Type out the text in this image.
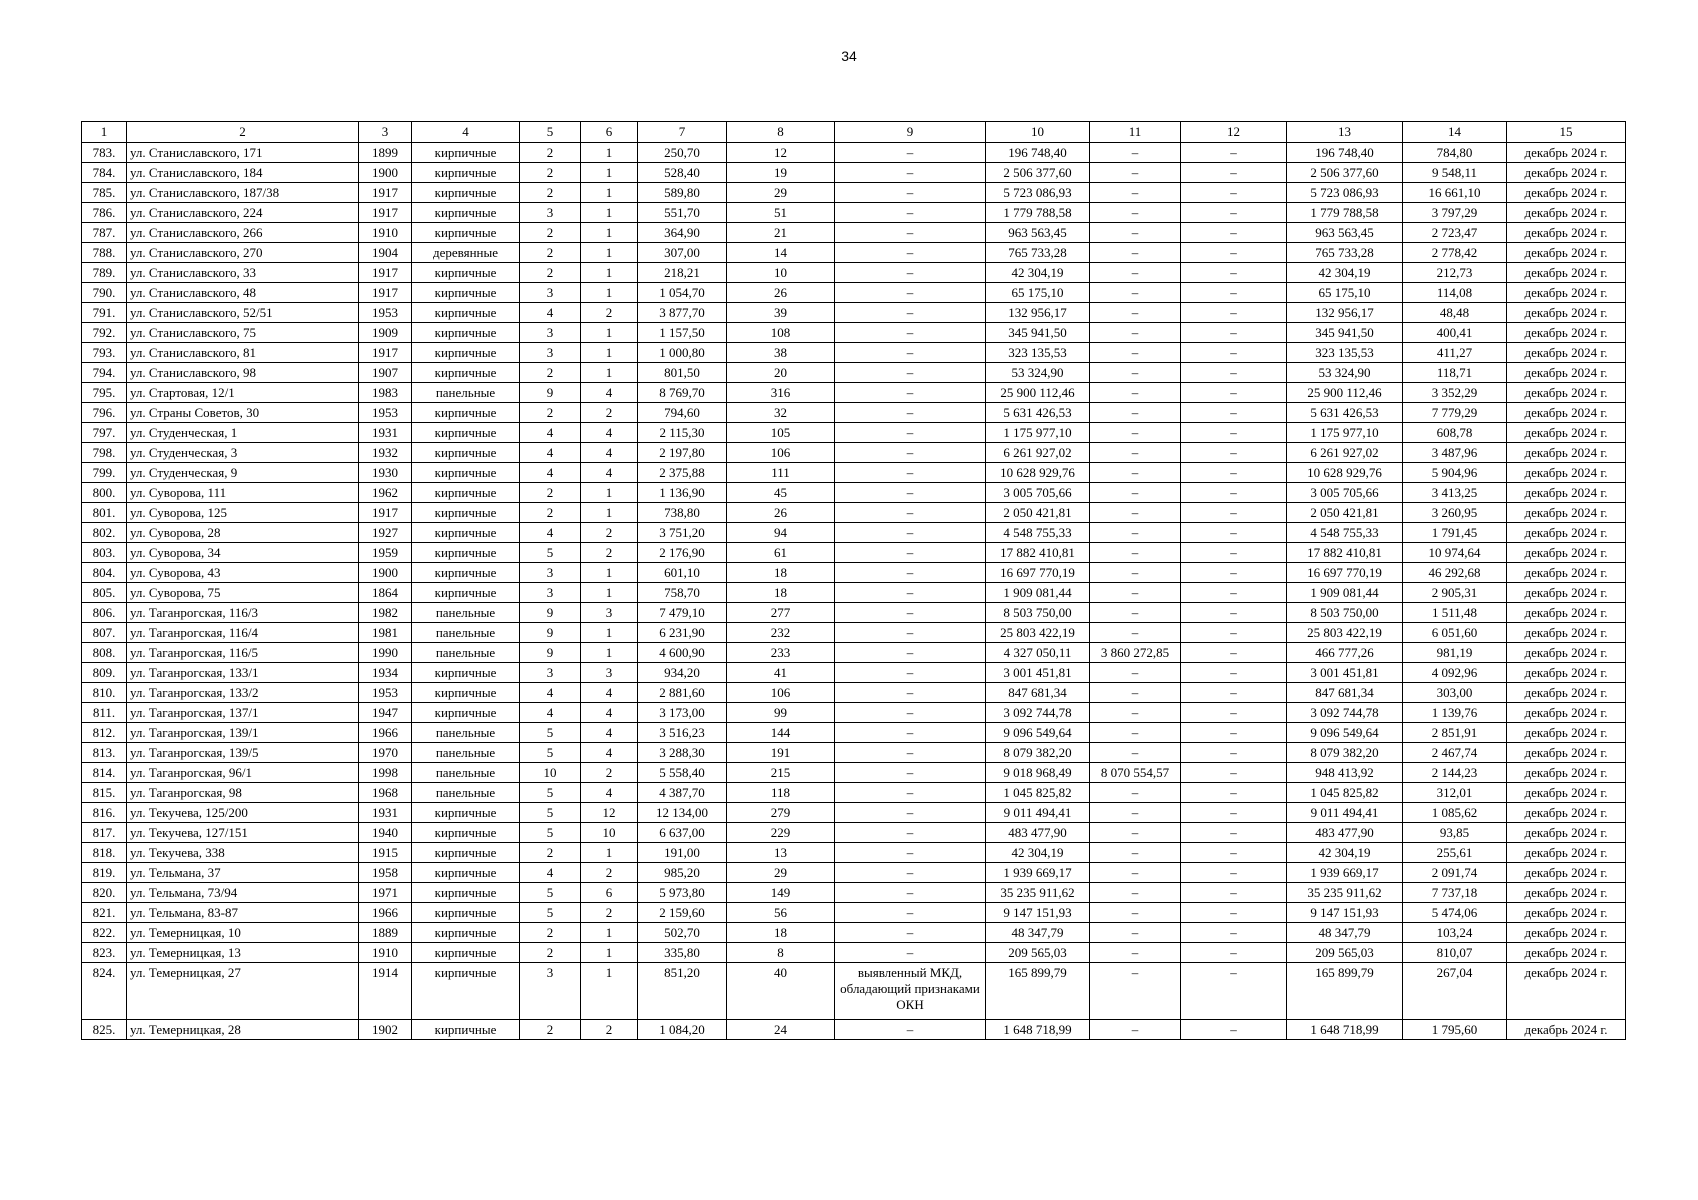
34
1	2	3	4	5	6	7	8	9	10	11	12	13	14	15
783.	ул. Станиславского, 171	1899	кирпичные	2	1	250,70	12	–	196 748,40	–	–	196 748,40	784,80	декабрь 2024 г.
784.	ул. Станиславского, 184	1900	кирпичные	2	1	528,40	19	–	2 506 377,60	–	–	2 506 377,60	9 548,11	декабрь 2024 г.
785.	ул. Станиславского, 187/38	1917	кирпичные	2	1	589,80	29	–	5 723 086,93	–	–	5 723 086,93	16 661,10	декабрь 2024 г.
786.	ул. Станиславского, 224	1917	кирпичные	3	1	551,70	51	–	1 779 788,58	–	–	1 779 788,58	3 797,29	декабрь 2024 г.
787.	ул. Станиславского, 266	1910	кирпичные	2	1	364,90	21	–	963 563,45	–	–	963 563,45	2 723,47	декабрь 2024 г.
788.	ул. Станиславского, 270	1904	деревянные	2	1	307,00	14	–	765 733,28	–	–	765 733,28	2 778,42	декабрь 2024 г.
789.	ул. Станиславского, 33	1917	кирпичные	2	1	218,21	10	–	42 304,19	–	–	42 304,19	212,73	декабрь 2024 г.
790.	ул. Станиславского, 48	1917	кирпичные	3	1	1 054,70	26	–	65 175,10	–	–	65 175,10	114,08	декабрь 2024 г.
791.	ул. Станиславского, 52/51	1953	кирпичные	4	2	3 877,70	39	–	132 956,17	–	–	132 956,17	48,48	декабрь 2024 г.
792.	ул. Станиславского, 75	1909	кирпичные	3	1	1 157,50	108	–	345 941,50	–	–	345 941,50	400,41	декабрь 2024 г.
793.	ул. Станиславского, 81	1917	кирпичные	3	1	1 000,80	38	–	323 135,53	–	–	323 135,53	411,27	декабрь 2024 г.
794.	ул. Станиславского, 98	1907	кирпичные	2	1	801,50	20	–	53 324,90	–	–	53 324,90	118,71	декабрь 2024 г.
795.	ул. Стартовая, 12/1	1983	панельные	9	4	8 769,70	316	–	25 900 112,46	–	–	25 900 112,46	3 352,29	декабрь 2024 г.
796.	ул. Страны Советов, 30	1953	кирпичные	2	2	794,60	32	–	5 631 426,53	–	–	5 631 426,53	7 779,29	декабрь 2024 г.
797.	ул. Студенческая, 1	1931	кирпичные	4	4	2 115,30	105	–	1 175 977,10	–	–	1 175 977,10	608,78	декабрь 2024 г.
798.	ул. Студенческая, 3	1932	кирпичные	4	4	2 197,80	106	–	6 261 927,02	–	–	6 261 927,02	3 487,96	декабрь 2024 г.
799.	ул. Студенческая, 9	1930	кирпичные	4	4	2 375,88	111	–	10 628 929,76	–	–	10 628 929,76	5 904,96	декабрь 2024 г.
800.	ул. Суворова, 111	1962	кирпичные	2	1	1 136,90	45	–	3 005 705,66	–	–	3 005 705,66	3 413,25	декабрь 2024 г.
801.	ул. Суворова, 125	1917	кирпичные	2	1	738,80	26	–	2 050 421,81	–	–	2 050 421,81	3 260,95	декабрь 2024 г.
802.	ул. Суворова, 28	1927	кирпичные	4	2	3 751,20	94	–	4 548 755,33	–	–	4 548 755,33	1 791,45	декабрь 2024 г.
803.	ул. Суворова, 34	1959	кирпичные	5	2	2 176,90	61	–	17 882 410,81	–	–	17 882 410,81	10 974,64	декабрь 2024 г.
804.	ул. Суворова, 43	1900	кирпичные	3	1	601,10	18	–	16 697 770,19	–	–	16 697 770,19	46 292,68	декабрь 2024 г.
805.	ул. Суворова, 75	1864	кирпичные	3	1	758,70	18	–	1 909 081,44	–	–	1 909 081,44	2 905,31	декабрь 2024 г.
806.	ул. Таганрогская, 116/3	1982	панельные	9	3	7 479,10	277	–	8 503 750,00	–	–	8 503 750,00	1 511,48	декабрь 2024 г.
807.	ул. Таганрогская, 116/4	1981	панельные	9	1	6 231,90	232	–	25 803 422,19	–	–	25 803 422,19	6 051,60	декабрь 2024 г.
808.	ул. Таганрогская, 116/5	1990	панельные	9	1	4 600,90	233	–	4 327 050,11	3 860 272,85	–	466 777,26	981,19	декабрь 2024 г.
809.	ул. Таганрогская, 133/1	1934	кирпичные	3	3	934,20	41	–	3 001 451,81	–	–	3 001 451,81	4 092,96	декабрь 2024 г.
810.	ул. Таганрогская, 133/2	1953	кирпичные	4	4	2 881,60	106	–	847 681,34	–	–	847 681,34	303,00	декабрь 2024 г.
811.	ул. Таганрогская, 137/1	1947	кирпичные	4	4	3 173,00	99	–	3 092 744,78	–	–	3 092 744,78	1 139,76	декабрь 2024 г.
812.	ул. Таганрогская, 139/1	1966	панельные	5	4	3 516,23	144	–	9 096 549,64	–	–	9 096 549,64	2 851,91	декабрь 2024 г.
813.	ул. Таганрогская, 139/5	1970	панельные	5	4	3 288,30	191	–	8 079 382,20	–	–	8 079 382,20	2 467,74	декабрь 2024 г.
814.	ул. Таганрогская, 96/1	1998	панельные	10	2	5 558,40	215	–	9 018 968,49	8 070 554,57	–	948 413,92	2 144,23	декабрь 2024 г.
815.	ул. Таганрогская, 98	1968	панельные	5	4	4 387,70	118	–	1 045 825,82	–	–	1 045 825,82	312,01	декабрь 2024 г.
816.	ул. Текучева, 125/200	1931	кирпичные	5	12	12 134,00	279	–	9 011 494,41	–	–	9 011 494,41	1 085,62	декабрь 2024 г.
817.	ул. Текучева, 127/151	1940	кирпичные	5	10	6 637,00	229	–	483 477,90	–	–	483 477,90	93,85	декабрь 2024 г.
818.	ул. Текучева, 338	1915	кирпичные	2	1	191,00	13	–	42 304,19	–	–	42 304,19	255,61	декабрь 2024 г.
819.	ул. Тельмана, 37	1958	кирпичные	4	2	985,20	29	–	1 939 669,17	–	–	1 939 669,17	2 091,74	декабрь 2024 г.
820.	ул. Тельмана, 73/94	1971	кирпичные	5	6	5 973,80	149	–	35 235 911,62	–	–	35 235 911,62	7 737,18	декабрь 2024 г.
821.	ул. Тельмана, 83-87	1966	кирпичные	5	2	2 159,60	56	–	9 147 151,93	–	–	9 147 151,93	5 474,06	декабрь 2024 г.
822.	ул. Темерницкая, 10	1889	кирпичные	2	1	502,70	18	–	48 347,79	–	–	48 347,79	103,24	декабрь 2024 г.
823.	ул. Темерницкая, 13	1910	кирпичные	2	1	335,80	8	–	209 565,03	–	–	209 565,03	810,07	декабрь 2024 г.
824.	ул. Темерницкая, 27	1914	кирпичные	3	1	851,20	40	выявленный МКД, обладающий признаками ОКН	165 899,79	–	–	165 899,79	267,04	декабрь 2024 г.
825.	ул. Темерницкая, 28	1902	кирпичные	2	2	1 084,20	24	–	1 648 718,99	–	–	1 648 718,99	1 795,60	декабрь 2024 г.
